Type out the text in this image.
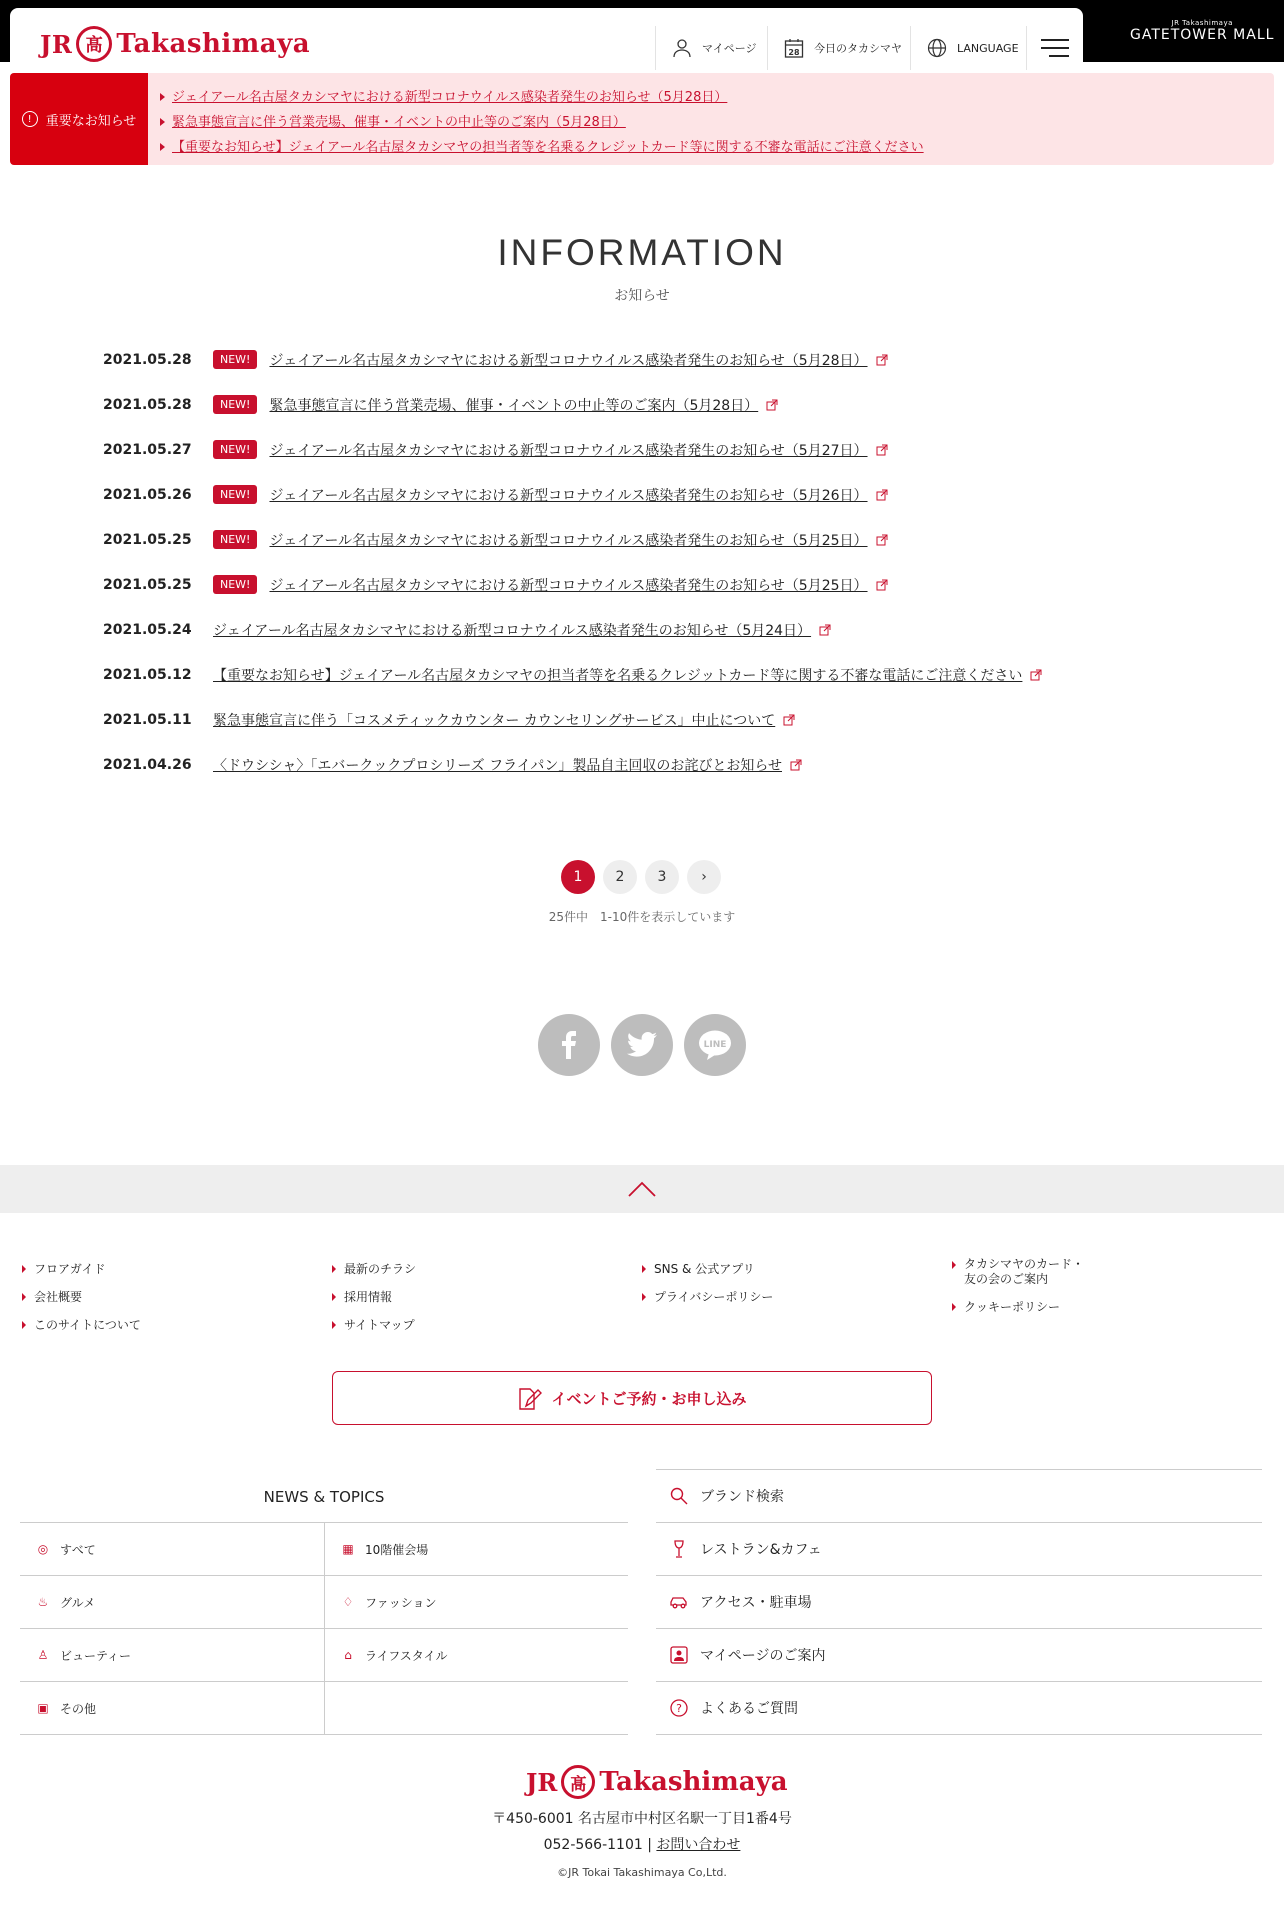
JR 髙 Takashimaya	マイページ	28 今日のタカシマヤ	LANGUAGE
JR Takashimaya
GATETOWER MALL
!	重要なお知らせ
ジェイアール名古屋タカシマヤにおける新型コロナウイルス感染者発生のお知らせ（5月28日）
緊急事態宣言に伴う営業売場、催事・イベントの中止等のご案内（5月28日）
【重要なお知らせ】ジェイアール名古屋タカシマヤの担当者等を名乗るクレジットカード等に関する不審な電話にご注意ください
INFORMATION
お知らせ
2021.05.28	NEW!	ジェイアール名古屋タカシマヤにおける新型コロナウイルス感染者発生のお知らせ（5月28日）
2021.05.28	NEW!	緊急事態宣言に伴う営業売場、催事・イベントの中止等のご案内（5月28日）
2021.05.27	NEW!	ジェイアール名古屋タカシマヤにおける新型コロナウイルス感染者発生のお知らせ（5月27日）
2021.05.26	NEW!	ジェイアール名古屋タカシマヤにおける新型コロナウイルス感染者発生のお知らせ（5月26日）
2021.05.25	NEW!	ジェイアール名古屋タカシマヤにおける新型コロナウイルス感染者発生のお知らせ（5月25日）
2021.05.25	NEW!	ジェイアール名古屋タカシマヤにおける新型コロナウイルス感染者発生のお知らせ（5月25日）
2021.05.24	ジェイアール名古屋タカシマヤにおける新型コロナウイルス感染者発生のお知らせ（5月24日）
2021.05.12	【重要なお知らせ】ジェイアール名古屋タカシマヤの担当者等を名乗るクレジットカード等に関する不審な電話にご注意ください
2021.05.11	緊急事態宣言に伴う「コスメティックカウンター カウンセリングサービス」中止について
2021.04.26	〈ドウシシャ〉「エバークックプロシリーズ フライパン」製品自主回収のお詫びとお知らせ
1	2	3	›
25件中　1-10件を表示しています
LINE
フロアガイド
会社概要
このサイトについて
最新のチラシ
採用情報
サイトマップ
SNS & 公式アプリ
プライバシーポリシー
タカシマヤのカード・
友の会のご案内
クッキーポリシー
イベントご予約・お申し込み
NEWS & TOPICS
◎ すべて	▦ 10階催会場
♨ グルメ	♢ ファッション
♙ ビューティー	⌂ ライフスタイル
▣ その他
ブランド検索
レストラン&カフェ
アクセス・駐車場
マイページのご案内
? よくあるご質問
JR 髙 Takashimaya
〒450-6001 名古屋市中村区名駅一丁目1番4号
052-566-1101 | お問い合わせ
©JR Tokai Takashimaya Co,Ltd.
